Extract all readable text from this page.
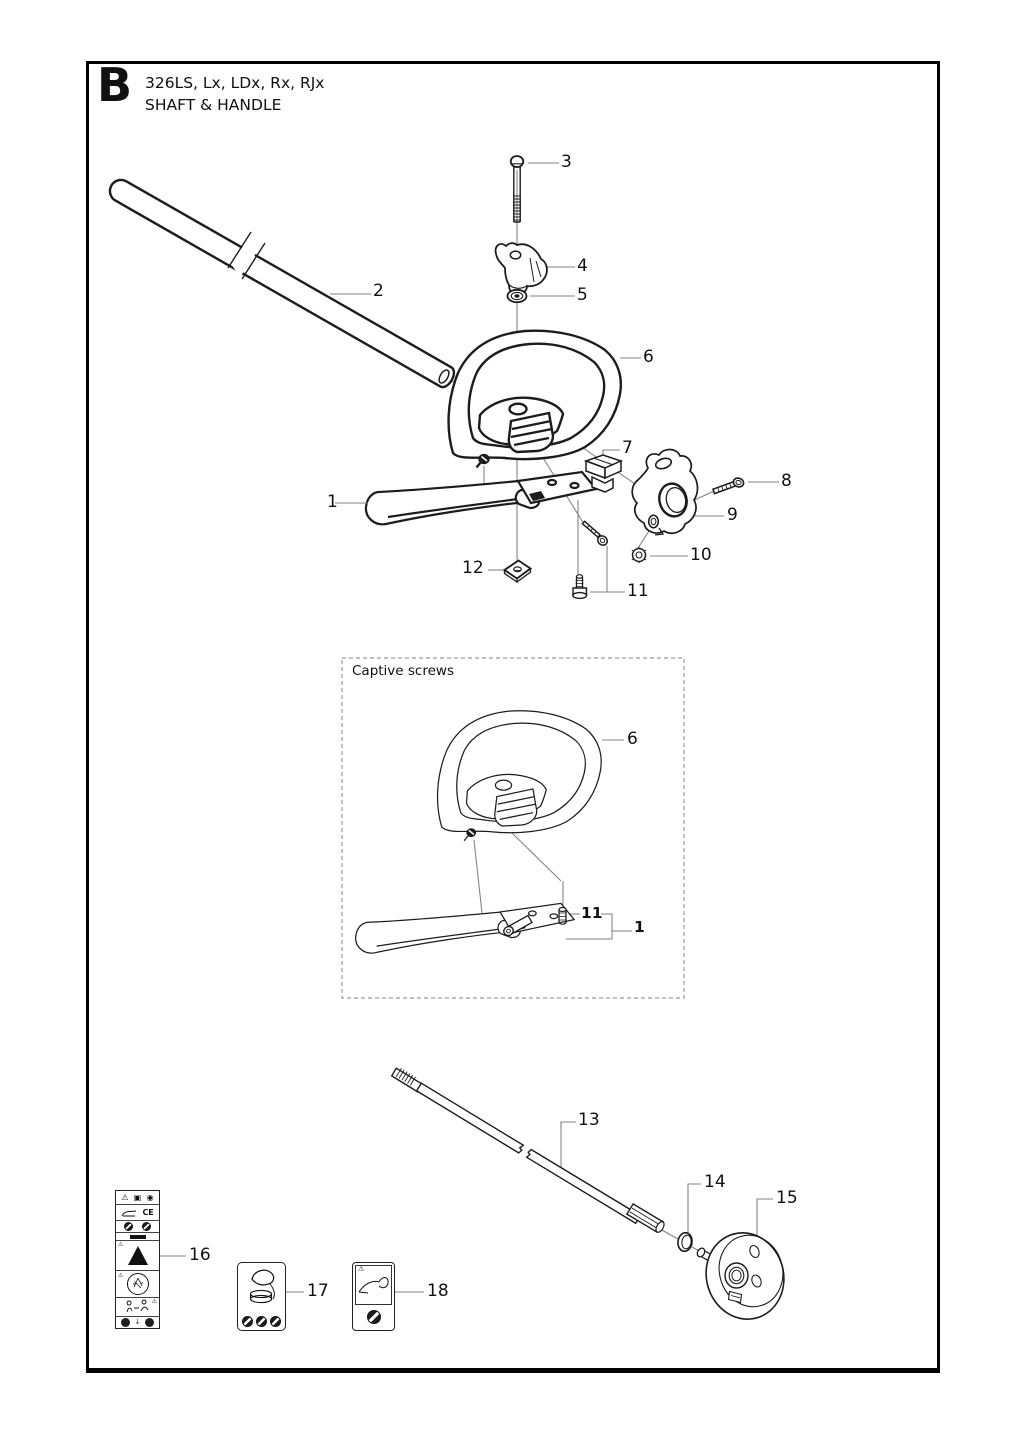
B 326LS, Lx, LDx, Rx, RJx
SHAFT & HANDLE
2
3
4
5
6
7
8
9
10
11
12
1
13
14
15
16
17	18
6
11
1
Captive screws
⚠ ▣ ◉
CE
⚠
⚠
⚠
↓
⚠
